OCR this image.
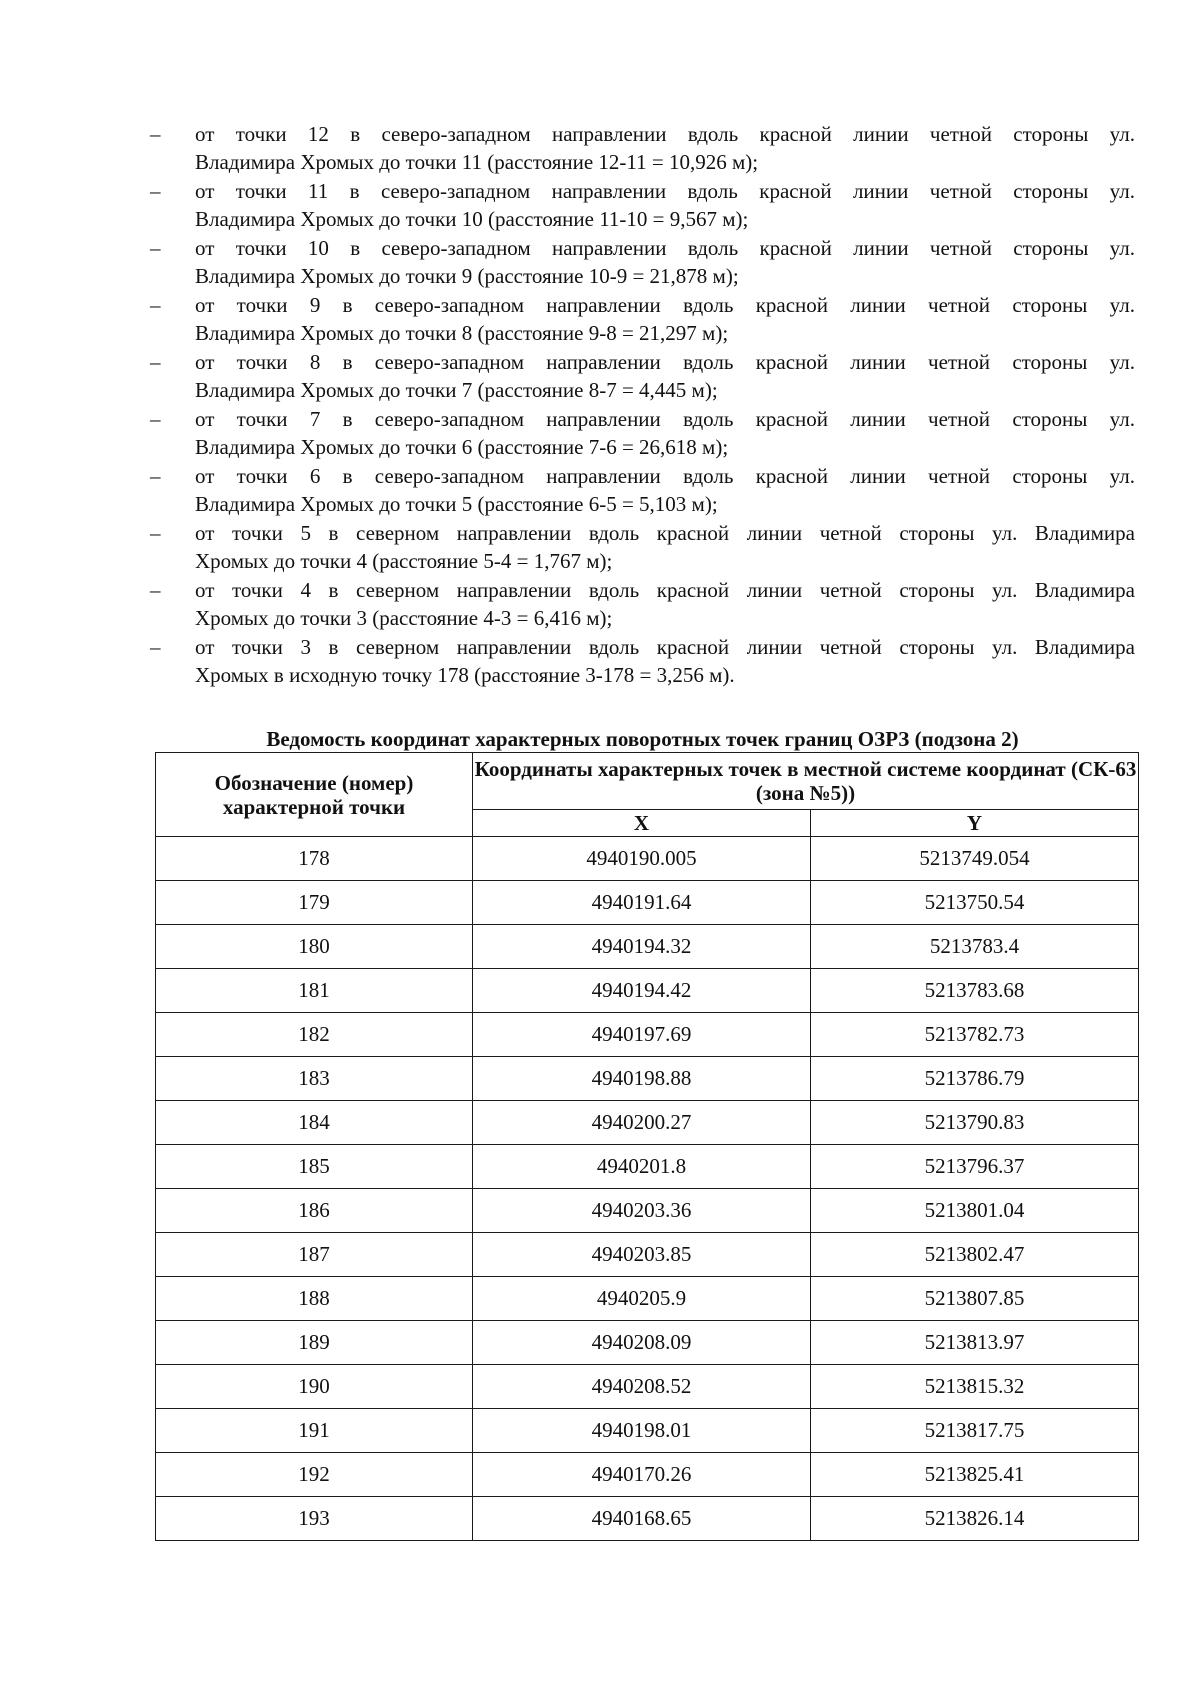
–	от точки 12 в северо-западном направлении вдоль красной линии четной стороны ул.
Владимира Хромых до точки 11 (расстояние 12-11 = 10,926 м);
–	от точки 11 в северо-западном направлении вдоль красной линии четной стороны ул.
Владимира Хромых до точки 10 (расстояние 11-10 = 9,567 м);
–	от точки 10 в северо-западном направлении вдоль красной линии четной стороны ул.
Владимира Хромых до точки 9 (расстояние 10-9 = 21,878 м);
–	от точки 9 в северо-западном направлении вдоль красной линии четной стороны ул.
Владимира Хромых до точки 8 (расстояние 9-8 = 21,297 м);
–	от точки 8 в северо-западном направлении вдоль красной линии четной стороны ул.
Владимира Хромых до точки 7 (расстояние 8-7 = 4,445 м);
–	от точки 7 в северо-западном направлении вдоль красной линии четной стороны ул.
Владимира Хромых до точки 6 (расстояние 7-6 = 26,618 м);
–	от точки 6 в северо-западном направлении вдоль красной линии четной стороны ул.
Владимира Хромых до точки 5 (расстояние 6-5 = 5,103 м);
–	от точки 5 в северном направлении вдоль красной линии четной стороны ул. Владимира
Хромых до точки 4 (расстояние 5-4 = 1,767 м);
–	от точки 4 в северном направлении вдоль красной линии четной стороны ул. Владимира
Хромых до точки 3 (расстояние 4-3 = 6,416 м);
–	от точки 3 в северном направлении вдоль красной линии четной стороны ул. Владимира
Хромых в исходную точку 178 (расстояние 3-178 = 3,256 м).
Ведомость координат характерных поворотных точек границ ОЗРЗ (подзона 2)
Обозначение (номер) характерной точки	Координаты характерных точек в местной системе координат (СК-63 (зона №5))	
	X	Y
178	4940190.005	5213749.054
179	4940191.64	5213750.54
180	4940194.32	5213783.4
181	4940194.42	5213783.68
182	4940197.69	5213782.73
183	4940198.88	5213786.79
184	4940200.27	5213790.83
185	4940201.8	5213796.37
186	4940203.36	5213801.04
187	4940203.85	5213802.47
188	4940205.9	5213807.85
189	4940208.09	5213813.97
190	4940208.52	5213815.32
191	4940198.01	5213817.75
192	4940170.26	5213825.41
193	4940168.65	5213826.14
